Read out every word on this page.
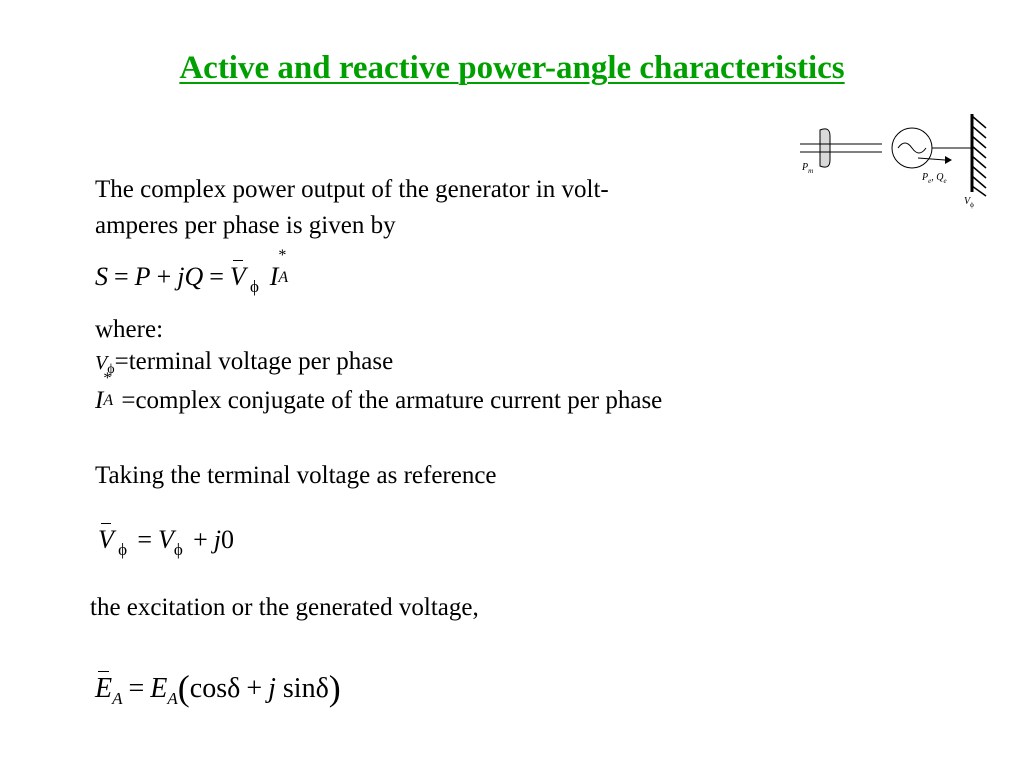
Active and reactive power-angle characteristics
$P_m$
$P_e$, $Q_e$
$V_\phi$
The complex power output of the generator in volt-
amperes per phase is given by
S = P + jQ = V $_\phi$  I
*
A
where:
Vϕ=terminal voltage per phase
I
*
A =complex conjugate of the armature current per phase
Taking the terminal voltage as reference
V $_\phi = V_\phi + j0$
the excitation or the generated voltage,
$E_A = E_A(\cos\delta + j$ sinδ)
